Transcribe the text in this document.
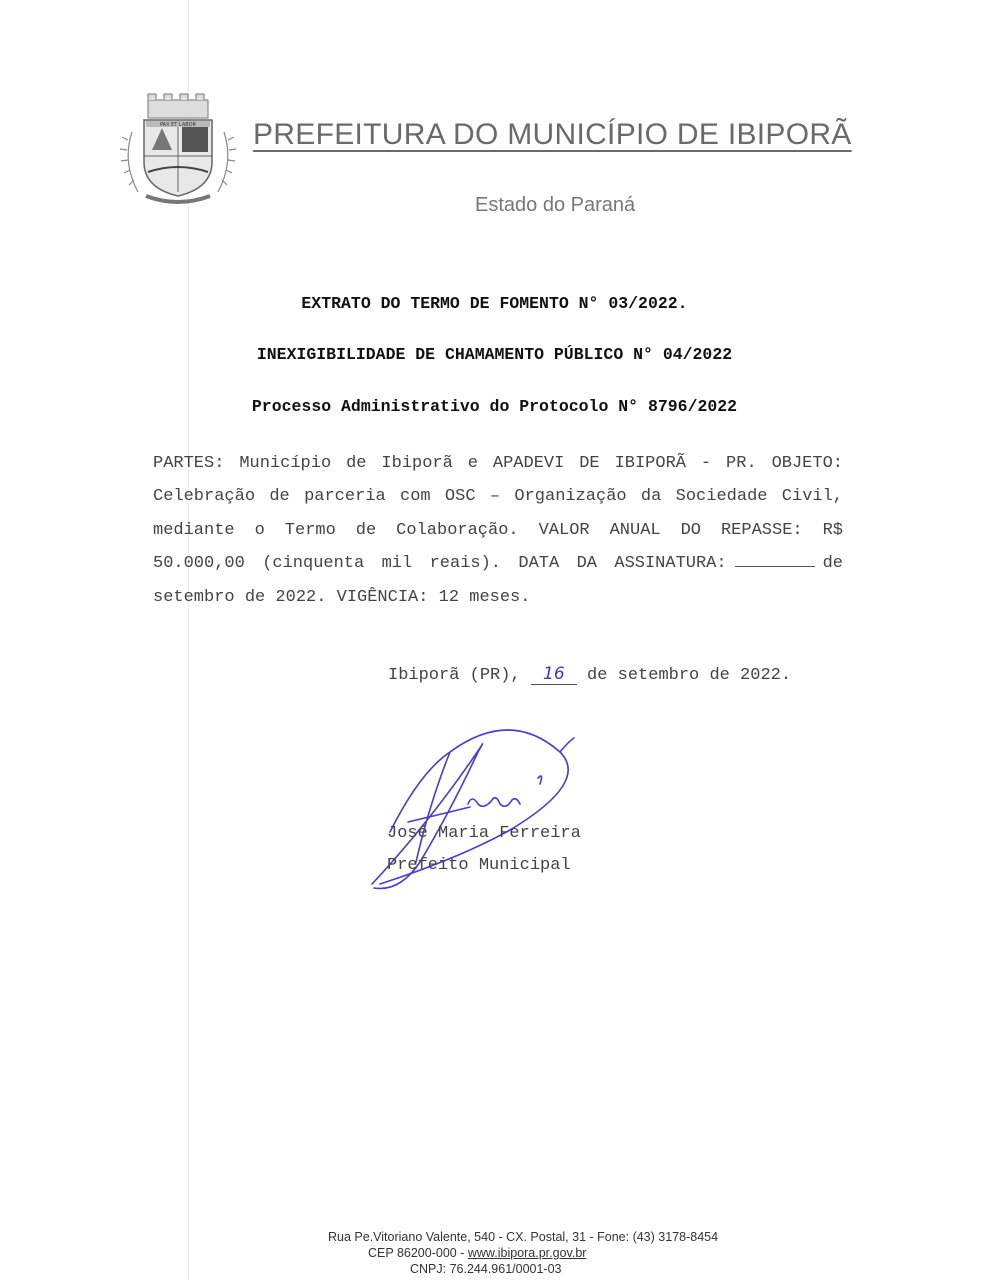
PAX ET LABOR PREFEITURA DO MUNICÍPIO DE IBIPORÃ
Estado do Paraná
EXTRATO DO TERMO DE FOMENTO N° 03/2022.
INEXIGIBILIDADE DE CHAMAMENTO PÚBLICO N° 04/2022
Processo Administrativo do Protocolo N° 8796/2022
PARTES: Município de Ibiporã e APADEVI DE IBIPORÃ - PR. OBJETO: Celebração de parceria com OSC – Organização da Sociedade Civil, mediante o Termo de Colaboração. VALOR ANUAL DO REPASSE: R$ 50.000,00 (cinquenta mil reais). DATA DA ASSINATURA:	de setembro de 2022. VIGÊNCIA: 12 meses.
Ibiporã (PR), 16 de setembro de 2022.
José Maria Ferreira
Prefeito Municipal
Rua Pe.Vitoriano Valente, 540 - CX. Postal, 31 - Fone: (43) 3178-8454
CEP 86200-000 - www.ibipora.pr.gov.br
CNPJ: 76.244.961/0001-03
